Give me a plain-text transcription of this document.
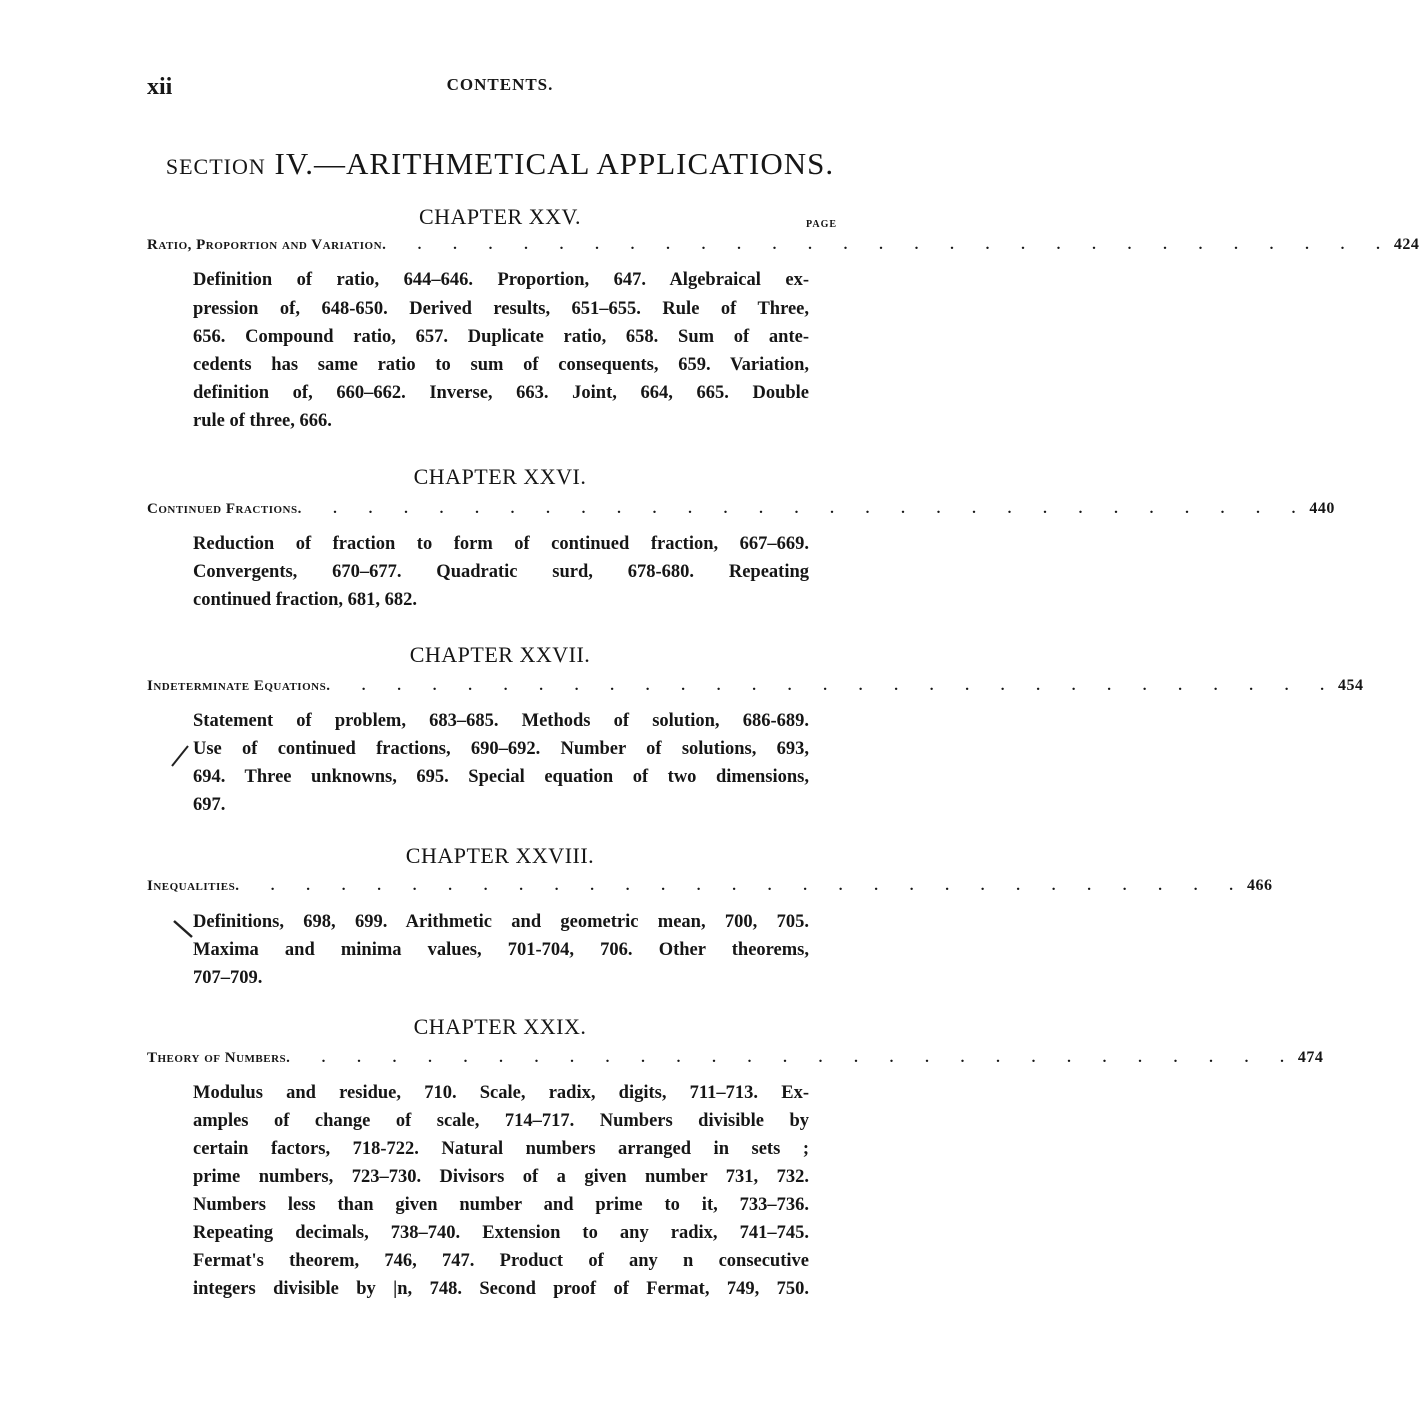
xii	CONTENTS.
SECTION IV.—ARITHMETICAL APPLICATIONS.
PAGE
CHAPTER XXV.
Ratio, Proportion and Variation . . . . . . . . . . . . . . . . . . . . . . . . . . . . . 424
Definition of ratio, 644–646. Proportion, 647. Algebraical ex-
pression of, 648-650. Derived results, 651–655. Rule of Three,
656. Compound ratio, 657. Duplicate ratio, 658. Sum of ante-
cedents has same ratio to sum of consequents, 659. Variation,
definition of, 660–662. Inverse, 663. Joint, 664, 665. Double
rule of three, 666.
CHAPTER XXVI.
Continued Fractions . . . . . . . . . . . . . . . . . . . . . . . . . . . . . 440
Reduction of fraction to form of continued fraction, 667–669.
Convergents, 670–677. Quadratic surd, 678-680. Repeating
continued fraction, 681, 682.
CHAPTER XXVII.
Indeterminate Equations . . . . . . . . . . . . . . . . . . . . . . . . . . . . . 454
Statement of problem, 683–685. Methods of solution, 686-689.
Use of continued fractions, 690–692. Number of solutions, 693,
694. Three unknowns, 695. Special equation of two dimensions,
697.
CHAPTER XXVIII.
Inequalities . . . . . . . . . . . . . . . . . . . . . . . . . . . . . 466
Definitions, 698, 699. Arithmetic and geometric mean, 700, 705.
Maxima and minima values, 701-704, 706. Other theorems,
707–709.
CHAPTER XXIX.
Theory of Numbers . . . . . . . . . . . . . . . . . . . . . . . . . . . . . 474
Modulus and residue, 710. Scale, radix, digits, 711–713. Ex-
amples of change of scale, 714–717. Numbers divisible by
certain factors, 718-722. Natural numbers arranged in sets ;
prime numbers, 723–730. Divisors of a given number 731, 732.
Numbers less than given number and prime to it, 733–736.
Repeating decimals, 738–740. Extension to any radix, 741–745.
Fermat's theorem, 746, 747. Product of any n consecutive
integers divisible by |n, 748. Second proof of Fermat, 749, 750.
